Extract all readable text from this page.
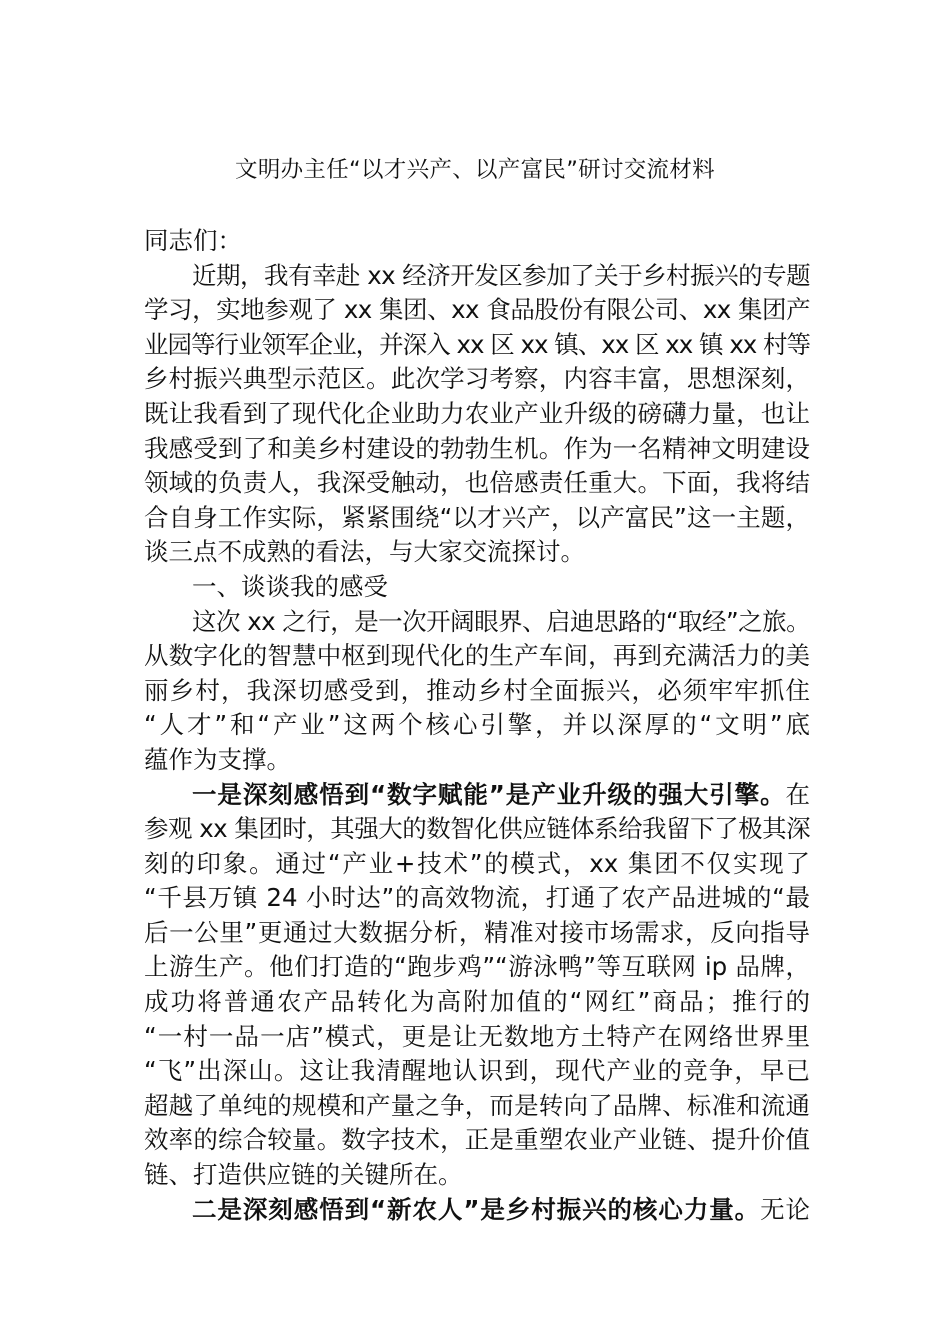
文明办主任“以才兴产、以产富民”研讨交流材料
同志们：
近期，我有幸赴 xx 经济开发区参加了关于乡村振兴的专题
学习，实地参观了 xx 集团、xx 食品股份有限公司、xx 集团产
业园等行业领军企业，并深入 xx 区 xx 镇、xx 区 xx 镇 xx 村等
乡村振兴典型示范区。此次学习考察，内容丰富，思想深刻，
既让我看到了现代化企业助力农业产业升级的磅礴力量，也让
我感受到了和美乡村建设的勃勃生机。作为一名精神文明建设
领域的负责人，我深受触动，也倍感责任重大。下面，我将结
合自身工作实际，紧紧围绕“以才兴产，以产富民”这一主题，
谈三点不成熟的看法，与大家交流探讨。
一、谈谈我的感受
这次 xx 之行，是一次开阔眼界、启迪思路的“取经”之旅。
从数字化的智慧中枢到现代化的生产车间，再到充满活力的美
丽乡村，我深切感受到，推动乡村全面振兴，必须牢牢抓住
“人才”和“产业”这两个核心引擎，并以深厚的“文明”底
蕴作为支撑。
一是深刻感悟到“数字赋能”是产业升级的强大引擎。在
参观 xx 集团时，其强大的数智化供应链体系给我留下了极其深
刻的印象。通过“产业+技术”的模式，xx 集团不仅实现了
“千县万镇 24 小时达”的高效物流，打通了农产品进城的“最
后一公里”更通过大数据分析，精准对接市场需求，反向指导
上游生产。他们打造的“跑步鸡”“游泳鸭”等互联网 ip 品牌，
成功将普通农产品转化为高附加值的“网红”商品；推行的
“一村一品一店”模式，更是让无数地方土特产在网络世界里
“飞”出深山。这让我清醒地认识到，现代产业的竞争，早已
超越了单纯的规模和产量之争，而是转向了品牌、标准和流通
效率的综合较量。数字技术，正是重塑农业产业链、提升价值
链、打造供应链的关键所在。
二是深刻感悟到“新农人”是乡村振兴的核心力量。无论
